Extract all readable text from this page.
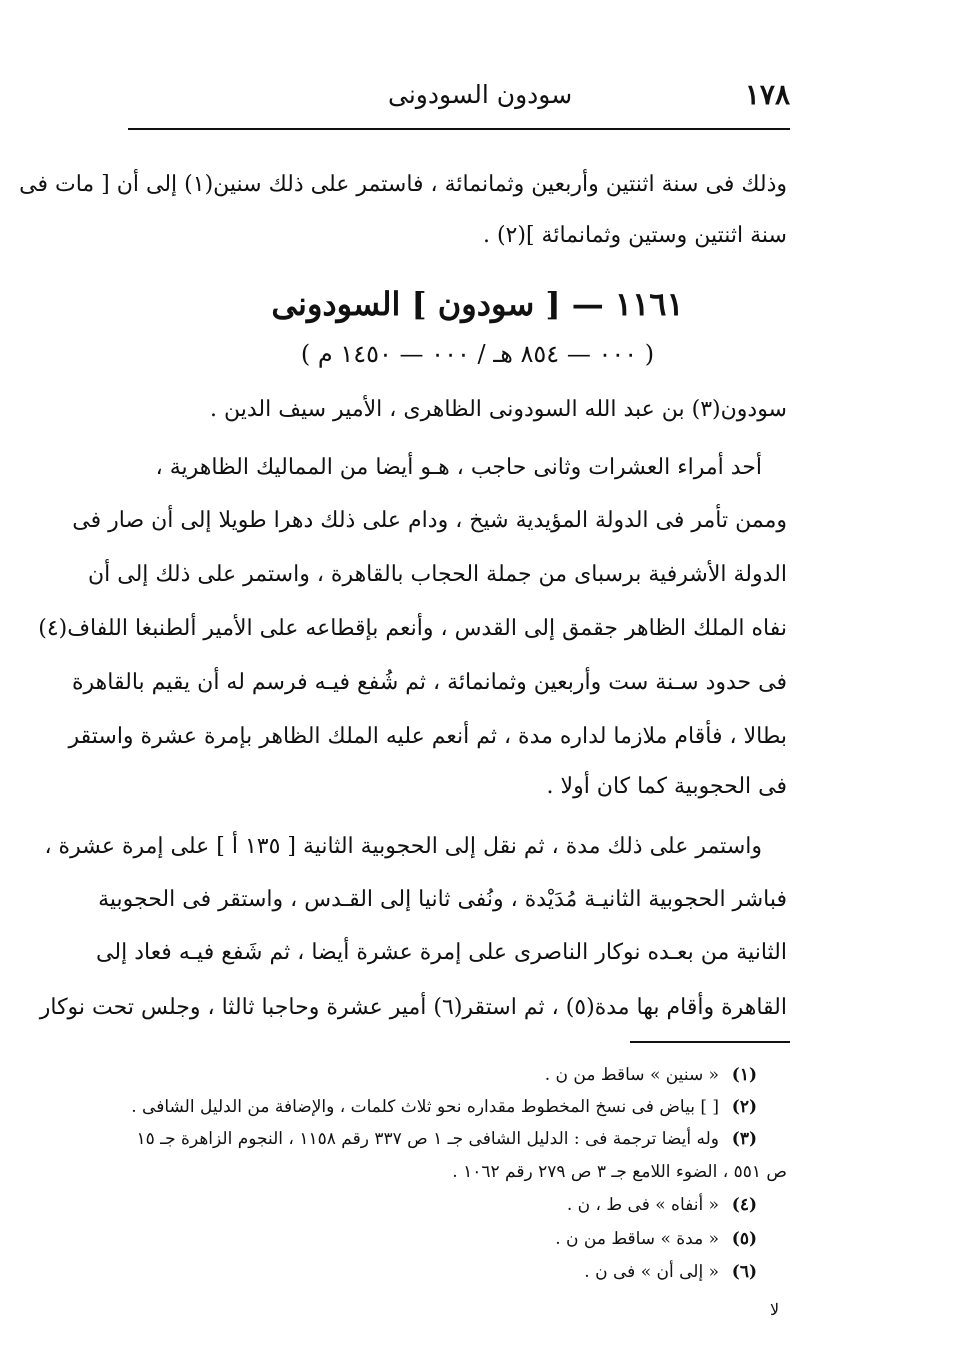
١٧٨
سودون السودونى
وذلك فى سنة اثنتين وأربعين وثمانمائة ، فاستمر على ذلك سنين(١) إلى أن [ مات فى
سنة اثنتين وستين وثمانمائة ](٢) .
١١٦١ — [ سودون ] السودونى
( ٠٠٠ — ٨٥٤ هـ / ٠٠٠ — ١٤٥٠ م )
سودون(٣) بن عبد الله السودونى الظاهرى ، الأمير سيف الدين .
أحد أمراء العشرات وثانى حاجب ، هـو أيضا من المماليك الظاهرية ،
وممن تأمر فى الدولة المؤيدية شيخ ، ودام على ذلك دهرا طويلا إلى أن صار فى
الدولة الأشرفية برسباى من جملة الحجاب بالقاهرة ، واستمر على ذلك إلى أن
نفاه الملك الظاهر جقمق إلى القدس ، وأنعم بإقطاعه على الأمير ألطنبغا اللفاف(٤)
فى حدود سـنة ست وأربعين وثمانمائة ، ثم شُفع فيـه فرسم له أن يقيم بالقاهرة
بطالا ، فأقام ملازما لداره مدة ، ثم أنعم عليه الملك الظاهر بإمرة عشرة واستقر
فى الحجوبية كما كان أولا .
واستمر على ذلك مدة ، ثم نقل إلى الحجوبية الثانية [ ١٣٥ أ ] على إمرة عشرة ،
فباشر الحجوبية الثانيـة مُدَيْدة ، ونُفى ثانيا إلى القـدس ، واستقر فى الحجوبية
الثانية من بعـده نوكار الناصرى على إمرة عشرة أيضا ، ثم شَفع فيـه فعاد إلى
القاهرة وأقام بها مدة(٥) ، ثم استقر(٦) أمير عشرة وحاجبا ثالثا ، وجلس تحت نوكار
(١)« سنين » ساقط من ن .
(٢)[ ] بياض فى نسخ المخطوط مقداره نحو ثلاث كلمات ، والإضافة من الدليل الشافى .
(٣)وله أيضا ترجمة فى : الدليل الشافى جـ ١ ص ٣٣٧ رقم ١١٥٨ ، النجوم الزاهرة جـ ١٥
ص ٥٥١ ، الضوء اللامع جـ ٣ ص ٢٧٩ رقم ١٠٦٢ .
(٤)« أنفاه » فى ط ، ن .
(٥)« مدة » ساقط من ن .
(٦)« إلى أن » فى ن .
ﻻ
